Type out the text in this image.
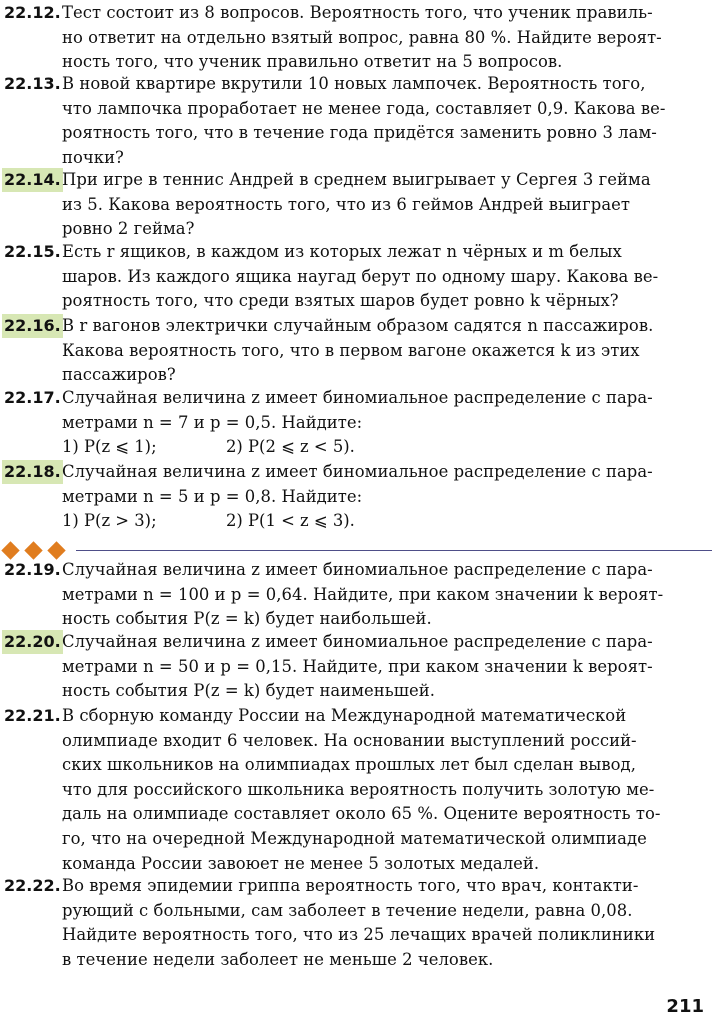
22.12. Тест состоит из 8 вопросов. Вероятность того, что ученик правиль-
но ответит на отдельно взятый вопрос, равна 80 %. Найдите вероят-
ность того, что ученик правильно ответит на 5 вопросов.
22.13. В новой квартире вкрутили 10 новых лампочек. Вероятность того,
что лампочка проработает не менее года, составляет 0,9. Какова ве-
роятность того, что в течение года придётся заменить ровно 3 лам-
почки?
22.14. При игре в теннис Андрей в среднем выигрывает у Сергея 3 гейма
из 5. Какова вероятность того, что из 6 геймов Андрей выиграет
ровно 2 гейма?
22.15. Есть r ящиков, в каждом из которых лежат n чёрных и m белых
шаров. Из каждого ящика наугад берут по одному шару. Какова ве-
роятность того, что среди взятых шаров будет ровно k чёрных?
22.16. В r вагонов электрички случайным образом садятся n пассажиров.
Какова вероятность того, что в первом вагоне окажется k из этих
пассажиров?
22.17. Случайная величина z имеет биномиальное распределение с пара-
метрами n = 7 и p = 0,5. Найдите:
1) P(z ⩽ 1);	2) P(2 ⩽ z < 5).
22.18. Случайная величина z имеет биномиальное распределение с пара-
метрами n = 5 и p = 0,8. Найдите:
1) P(z > 3);	2) P(1 < z ⩽ 3).
22.19. Случайная величина z имеет биномиальное распределение с пара-
метрами n = 100 и p = 0,64. Найдите, при каком значении k вероят-
ность события P(z = k) будет наибольшей.
22.20. Случайная величина z имеет биномиальное распределение с пара-
метрами n = 50 и p = 0,15. Найдите, при каком значении k вероят-
ность события P(z = k) будет наименьшей.
22.21. В сборную команду России на Международной математической
олимпиаде входит 6 человек. На основании выступлений россий-
ских школьников на олимпиадах прошлых лет был сделан вывод,
что для российского школьника вероятность получить золотую ме-
даль на олимпиаде составляет около 65 %. Оцените вероятность то-
го, что на очередной Международной математической олимпиаде
команда России завоюет не менее 5 золотых медалей.
22.22. Во время эпидемии гриппа вероятность того, что врач, контакти-
рующий с больными, сам заболеет в течение недели, равна 0,08.
Найдите вероятность того, что из 25 лечащих врачей поликлиники
в течение недели заболеет не меньше 2 человек.
211
